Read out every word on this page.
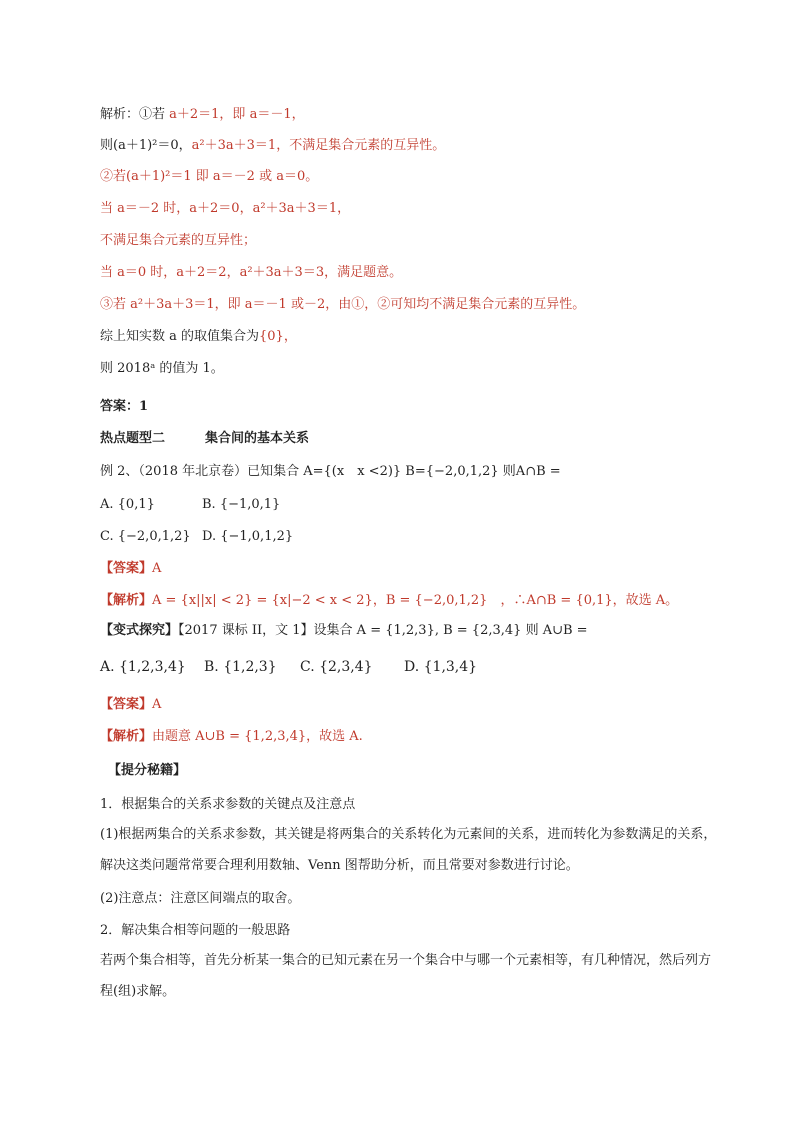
解析：①若 a＋2＝1，即 a＝－1，
则(a＋1)²＝0，a²＋3a＋3＝1，不满足集合元素的互异性。
②若(a＋1)²＝1 即 a＝－2 或 a＝0。
当 a＝－2 时，a＋2＝0，a²＋3a＋3＝1，
不满足集合元素的互异性；
当 a＝0 时，a＋2＝2，a²＋3a＋3＝3，满足题意。
③若 a²＋3a＋3＝1，即 a＝－1 或－2，由①，②可知均不满足集合元素的互异性。
综上知实数 a 的取值集合为{0}，
则 2018ᵃ 的值为 1。
答案：1
热点题型二	集合间的基本关系
例 2、（2018 年北京卷）已知集合 A={(x　x <2)} B={−2,0,1,2} 则A∩B =
A. {0,1}	B. {−1,0,1}
C. {−2,0,1,2} D. {−1,0,1,2}
【答案】A
【解析】A = {x||x| < 2} = {x|−2 < x < 2}，B = {−2,0,1,2}　，∴A∩B = {0,1}，故选 A。
【变式探究】【2017 课标 II，文 1】设集合 A = {1,2,3}, B = {2,3,4} 则 A∪B =
A. {1,2,3,4} B. {1,2,3} C. {2,3,4} D. {1,3,4}
【答案】A
【解析】由题意 A∪B = {1,2,3,4}，故选 A.
【提分秘籍】
1．根据集合的关系求参数的关键点及注意点
(1)根据两集合的关系求参数，其关键是将两集合的关系转化为元素间的关系，进而转化为参数满足的关系，解决这类问题常常要合理利用数轴、Venn 图帮助分析，而且常要对参数进行讨论。
(2)注意点：注意区间端点的取舍。
2．解决集合相等问题的一般思路
若两个集合相等，首先分析某一集合的已知元素在另一个集合中与哪一个元素相等，有几种情况，然后列方程(组)求解。
